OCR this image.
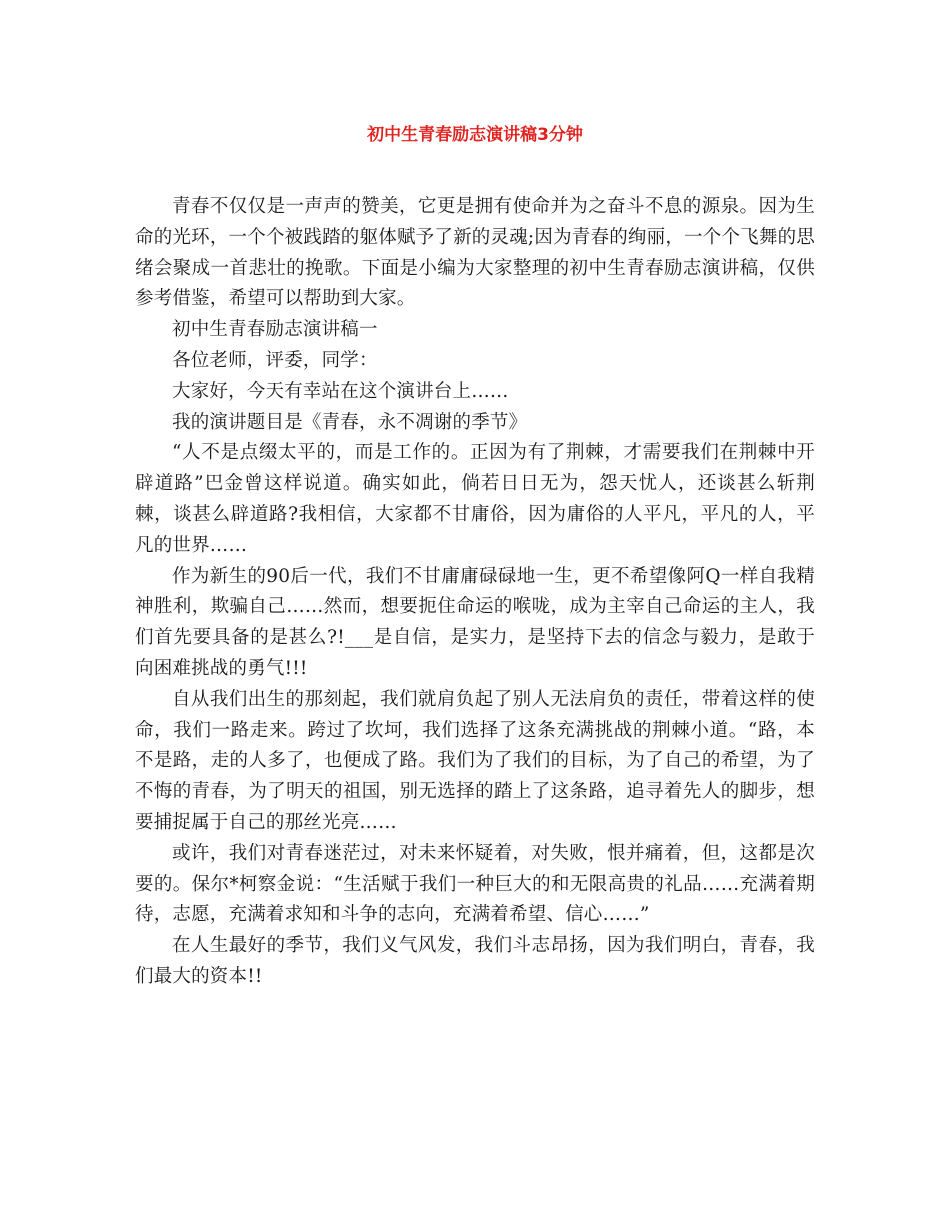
初中生青春励志演讲稿3分钟

青春不仅仅是一声声的赞美，它更是拥有使命并为之奋斗不息的源泉。因为生命的光环，一个个被践踏的躯体赋予了新的灵魂;因为青春的绚丽，一个个飞舞的思绪会聚成一首悲壮的挽歌。下面是小编为大家整理的初中生青春励志演讲稿，仅供参考借鉴，希望可以帮助到大家。

初中生青春励志演讲稿一

各位老师，评委，同学：

大家好，今天有幸站在这个演讲台上……

我的演讲题目是《青春，永不凋谢的季节》

“人不是点缀太平的，而是工作的。正因为有了荆棘，才需要我们在荆棘中开辟道路”巴金曾这样说道。确实如此，倘若日日无为，怨天忧人，还谈甚么斩荆棘，谈甚么辟道路?我相信，大家都不甘庸俗，因为庸俗的人平凡，平凡的人，平凡的世界……

作为新生的90后一代，我们不甘庸庸碌碌地一生，更不希望像阿Q一样自我精神胜利，欺骗自己……然而，想要扼住命运的喉咙，成为主宰自己命运的主人，我们首先要具备的是甚么?!___是自信，是实力，是坚持下去的信念与毅力，是敢于向困难挑战的勇气!!!

自从我们出生的那刻起，我们就肩负起了别人无法肩负的责任，带着这样的使命，我们一路走来。跨过了坎坷，我们选择了这条充满挑战的荆棘小道。“路，本不是路，走的人多了，也便成了路。我们为了我们的目标，为了自己的希望，为了不悔的青春，为了明天的祖国，别无选择的踏上了这条路，追寻着先人的脚步，想要捕捉属于自己的那丝光亮……

或许，我们对青春迷茫过，对未来怀疑着，对失败，恨并痛着，但，这都是次要的。保尔*柯察金说：“生活赋于我们一种巨大的和无限高贵的礼品……充满着期待，志愿，充满着求知和斗争的志向，充满着希望、信心……”

在人生最好的季节，我们义气风发，我们斗志昂扬，因为我们明白，青春，我们最大的资本!!
